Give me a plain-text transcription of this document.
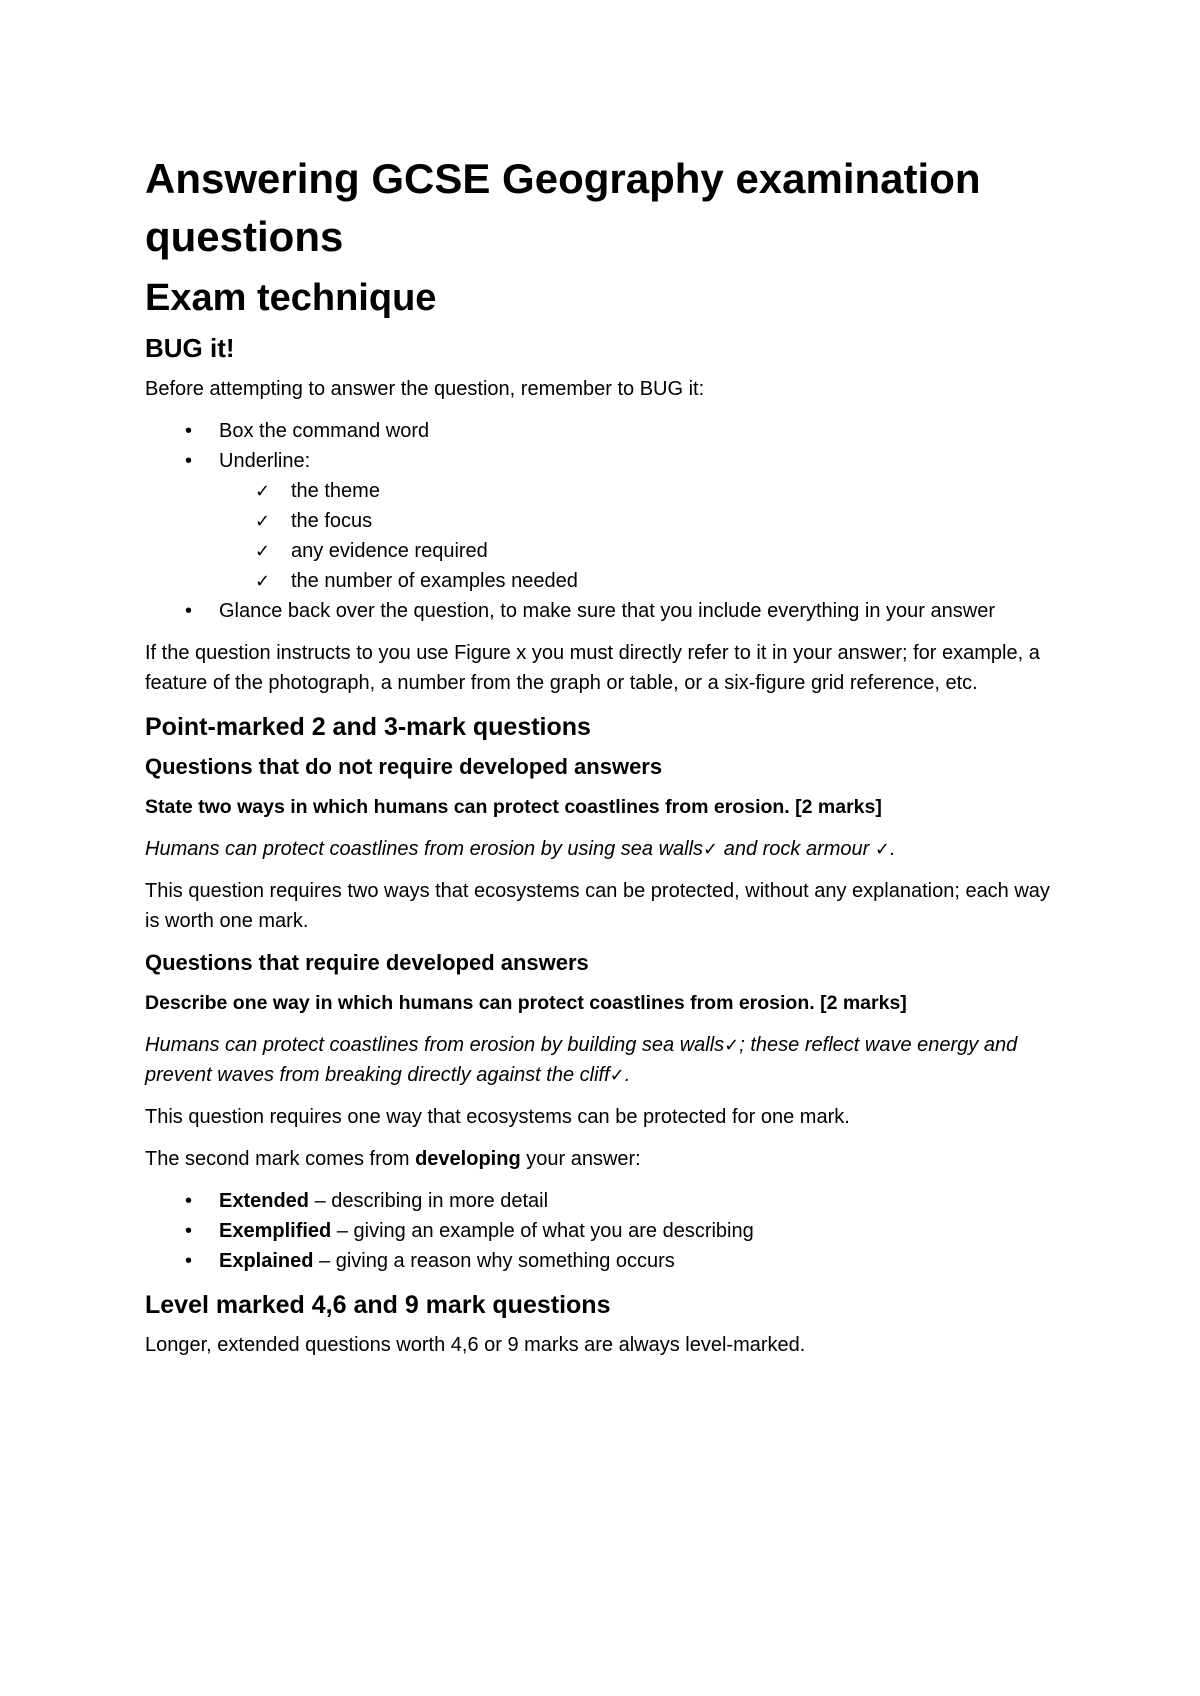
Answering GCSE Geography examination questions
Exam technique
BUG it!

Before attempting to answer the question, remember to BUG it:

• Box the command word
• Underline:
✓ the theme
✓ the focus
✓ any evidence required
✓ the number of examples needed
• Glance back over the question, to make sure that you include everything in your answer

If the question instructs to you use Figure x you must directly refer to it in your answer; for example, a feature of the photograph, a number from the graph or table, or a six-figure grid reference, etc.

Point-marked 2 and 3-mark questions
Questions that do not require developed answers

State two ways in which humans can protect coastlines from erosion. [2 marks]

Humans can protect coastlines from erosion by using sea walls✓ and rock armour ✓.

This question requires two ways that ecosystems can be protected, without any explanation; each way is worth one mark.

Questions that require developed answers

Describe one way in which humans can protect coastlines from erosion. [2 marks]

Humans can protect coastlines from erosion by building sea walls✓; these reflect wave energy and prevent waves from breaking directly against the cliff✓.

This question requires one way that ecosystems can be protected for one mark.

The second mark comes from developing your answer:

• Extended – describing in more detail
• Exemplified – giving an example of what you are describing
• Explained – giving a reason why something occurs
Level marked 4,6 and 9 mark questions

Longer, extended questions worth 4,6 or 9 marks are always level-marked.
